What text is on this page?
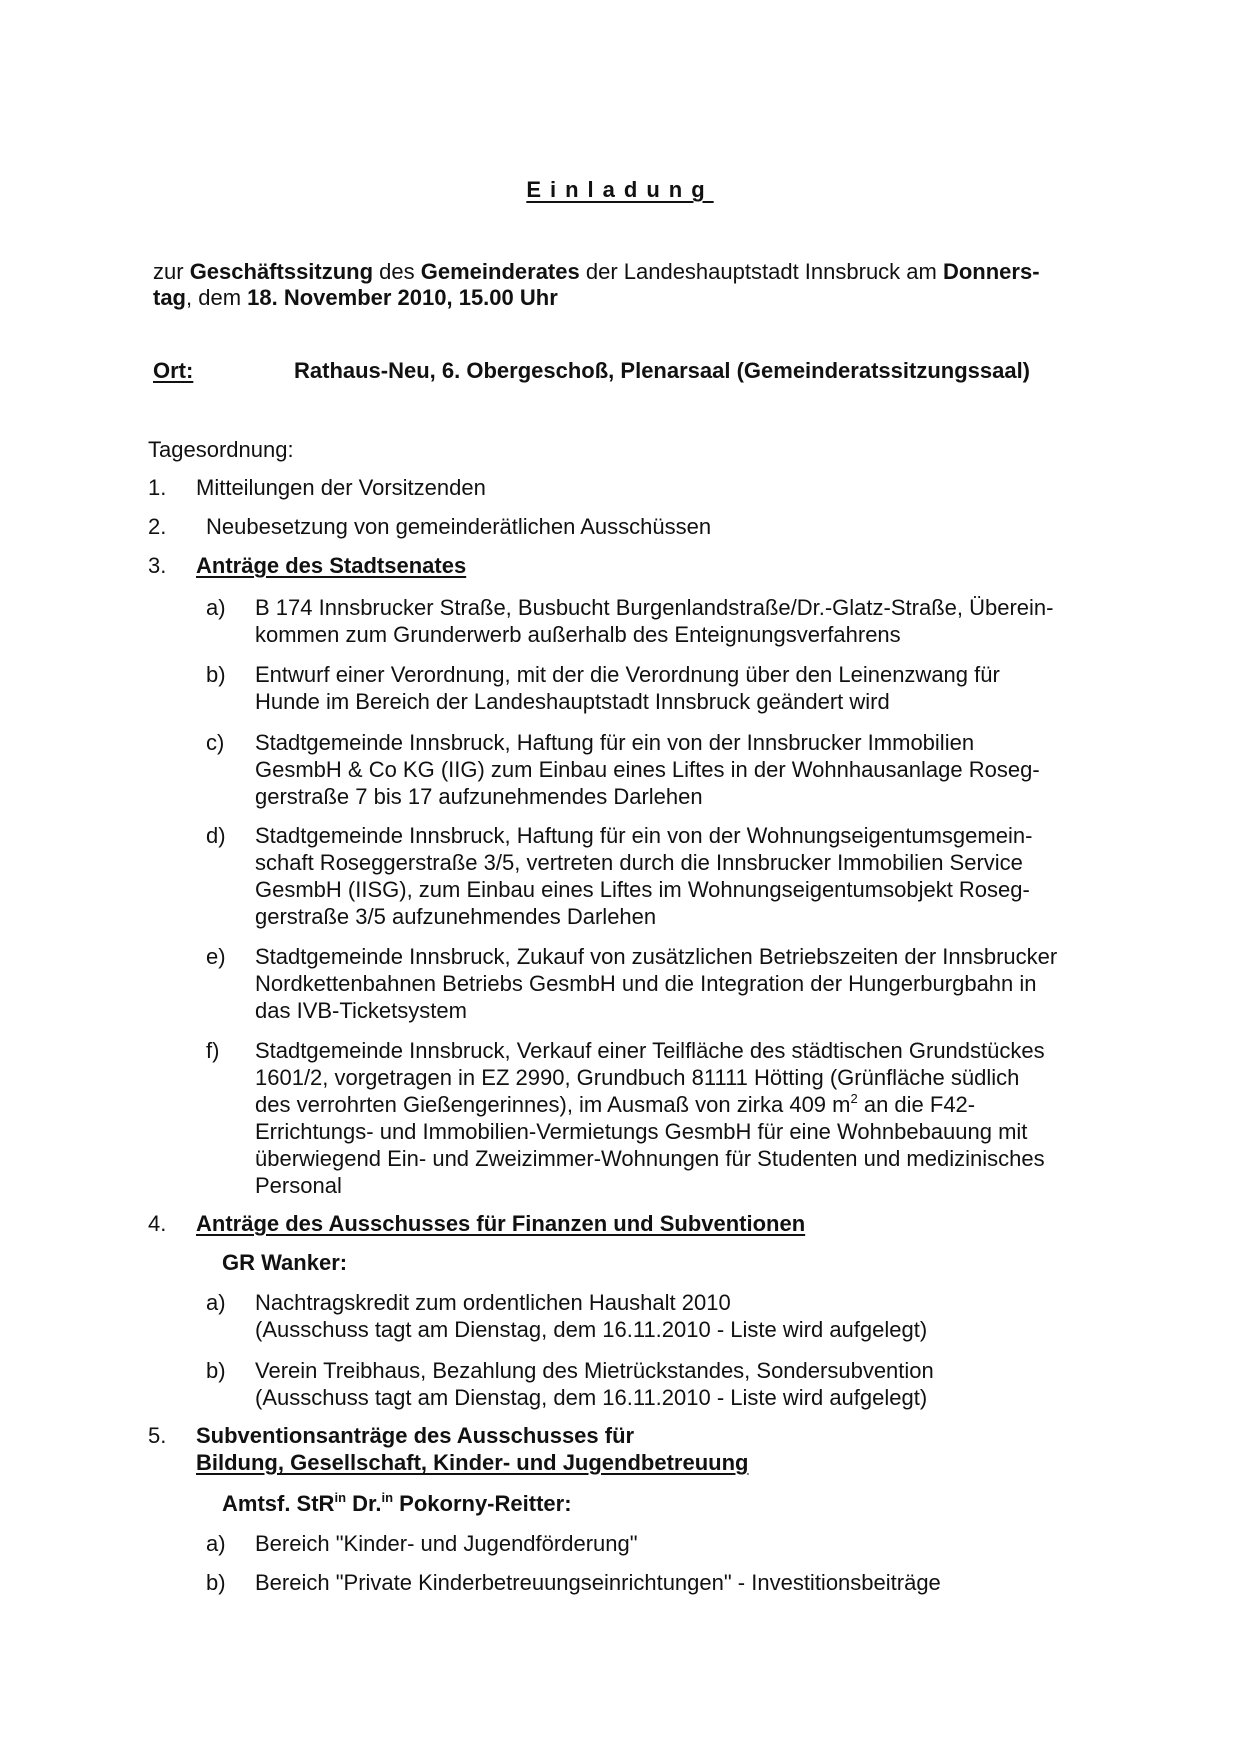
Einladung
zur Geschäftssitzung des Gemeinderates der Landeshauptstadt Innsbruck am Donners-
tag, dem 18. November 2010, 15.00 Uhr
Ort:	Rathaus-Neu, 6. Obergeschoß, Plenarsaal (Gemeinderatssitzungssaal)
Tagesordnung:
1. Mitteilungen der Vorsitzenden
2. Neubesetzung von gemeinderätlichen Ausschüssen
3. Anträge des Stadtsenates
a) B 174 Innsbrucker Straße, Busbucht Burgenlandstraße/Dr.-Glatz-Straße, Überein-
kommen zum Grunderwerb außerhalb des Enteignungsverfahrens
b) Entwurf einer Verordnung, mit der die Verordnung über den Leinenzwang für
Hunde im Bereich der Landeshauptstadt Innsbruck geändert wird
c) Stadtgemeinde Innsbruck, Haftung für ein von der Innsbrucker Immobilien
GesmbH & Co KG (IIG) zum Einbau eines Liftes in der Wohnhausanlage Roseg-
gerstraße 7 bis 17 aufzunehmendes Darlehen
d) Stadtgemeinde Innsbruck, Haftung für ein von der Wohnungseigentumsgemein-
schaft Roseggerstraße 3/5, vertreten durch die Innsbrucker Immobilien Service
GesmbH (IISG), zum Einbau eines Liftes im Wohnungseigentumsobjekt Roseg-
gerstraße 3/5 aufzunehmendes Darlehen
e) Stadtgemeinde Innsbruck, Zukauf von zusätzlichen Betriebszeiten der Innsbrucker
Nordkettenbahnen Betriebs GesmbH und die Integration der Hungerburgbahn in
das IVB-Ticketsystem
f) Stadtgemeinde Innsbruck, Verkauf einer Teilfläche des städtischen Grundstückes
1601/2, vorgetragen in EZ 2990, Grundbuch 81111 Hötting (Grünfläche südlich
des verrohrten Gießengerinnes), im Ausmaß von zirka 409 $m^2$ an die F42-
Errichtungs- und Immobilien-Vermietungs GesmbH für eine Wohnbebauung mit
überwiegend Ein- und Zweizimmer-Wohnungen für Studenten und medizinisches
Personal
4. Anträge des Ausschusses für Finanzen und Subventionen
GR Wanker:
a) Nachtragskredit zum ordentlichen Haushalt 2010
(Ausschuss tagt am Dienstag, dem 16.11.2010 - Liste wird aufgelegt)
b) Verein Treibhaus, Bezahlung des Mietrückstandes, Sondersubvention
(Ausschuss tagt am Dienstag, dem 16.11.2010 - Liste wird aufgelegt)
5. Subventionsanträge des Ausschusses für
Bildung, Gesellschaft, Kinder- und Jugendbetreuung
Amtsf. StR$^{in}$ Dr.$^{in}$ Pokorny-Reitter:
a) Bereich "Kinder- und Jugendförderung"
b) Bereich "Private Kinderbetreuungseinrichtungen" - Investitionsbeiträge
